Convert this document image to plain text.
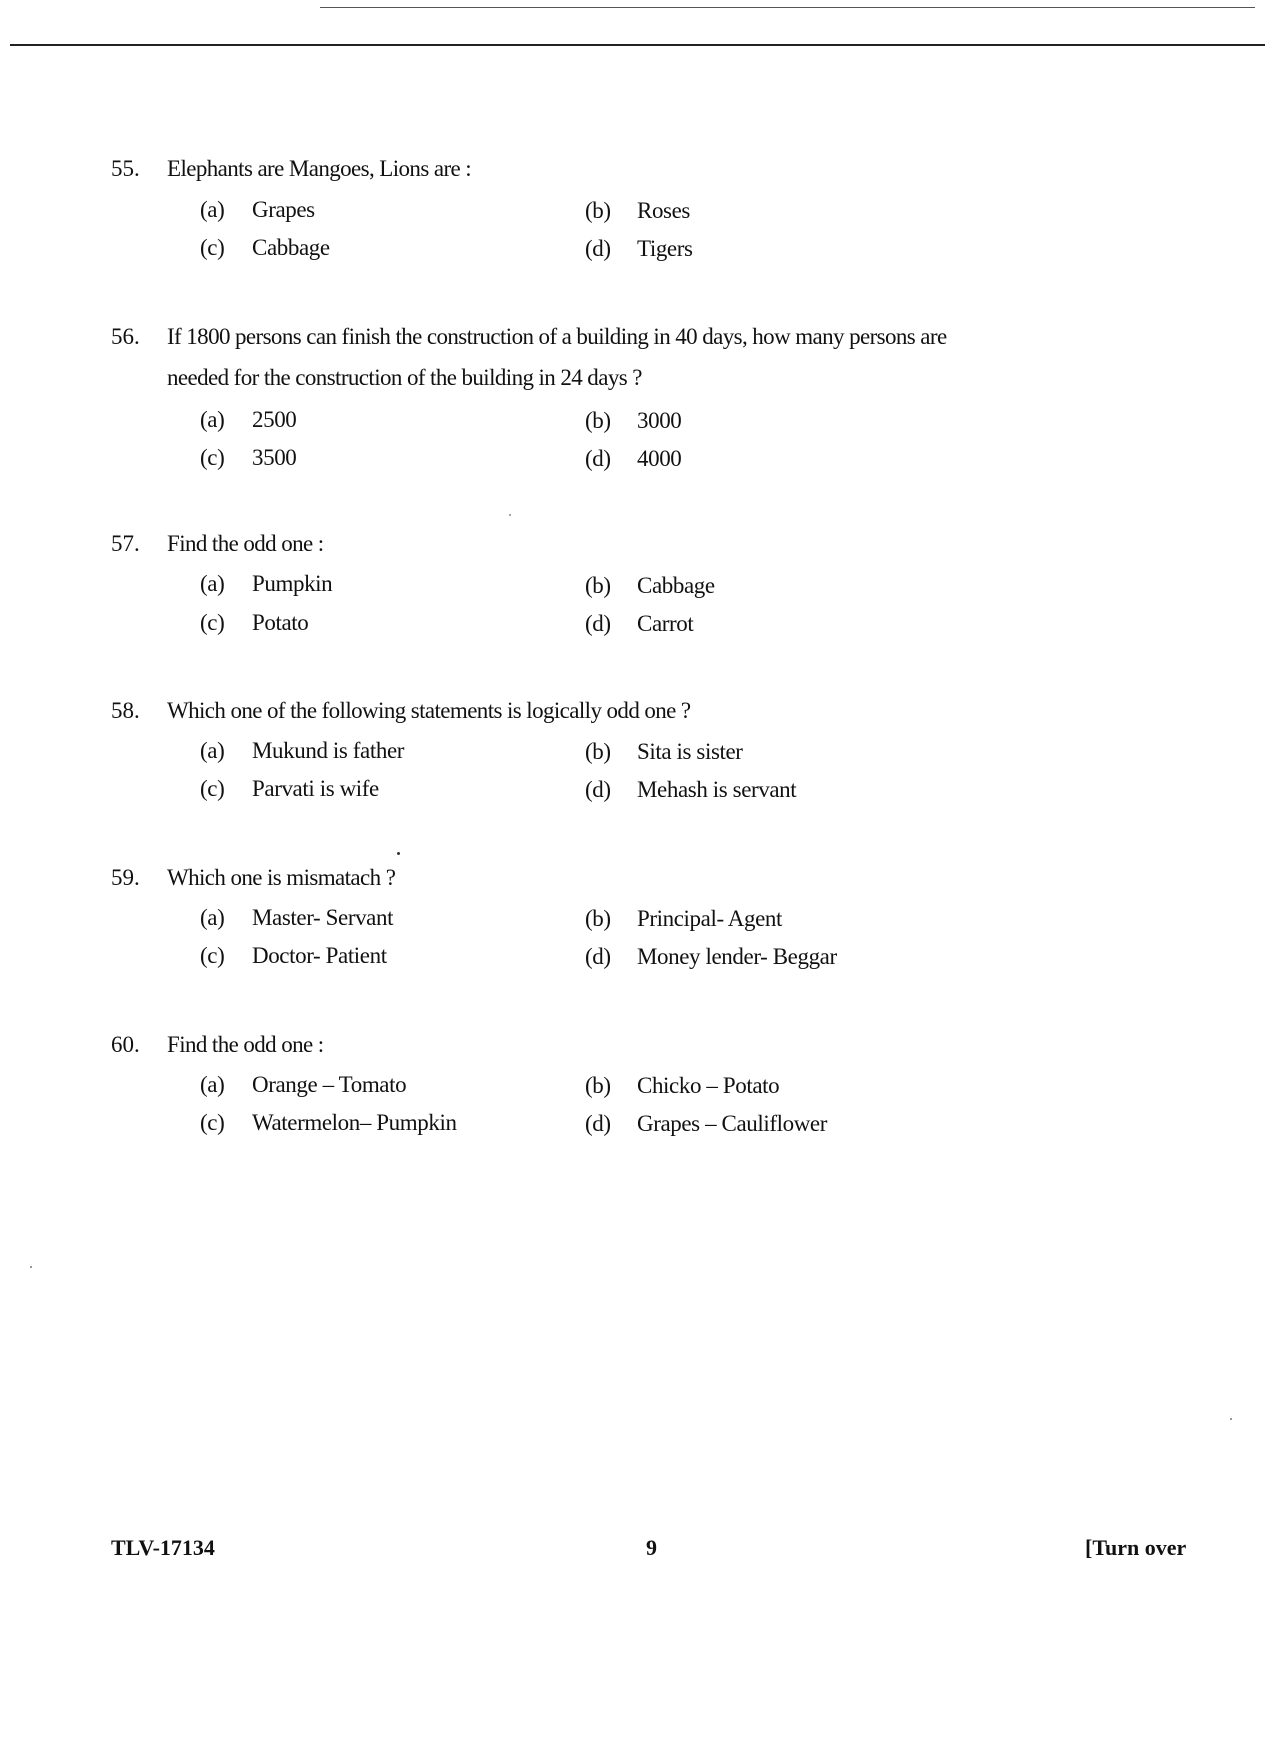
55.	Elephants are Mangoes, Lions are :
(a) Grapes	(b) Roses
(c) Cabbage	(d) Tigers
56.	If 1800 persons can finish the construction of a building in 40 days, how many persons are needed for the construction of the building in 24 days ?
(a) 2500	(b) 3000
(c) 3500	(d) 4000
57.	Find the odd one :
(a) Pumpkin	(b) Cabbage
(c) Potato	(d) Carrot
58.	Which one of the following statements is logically odd one ?
(a) Mukund is father	(b) Sita is sister
(c) Parvati is wife	(d) Mehash is servant
59.	Which one is mismatach ?
(a) Master- Servant	(b) Principal- Agent
(c) Doctor- Patient	(d) Money lender- Beggar
60.	Find the odd one :
(a) Orange – Tomato	(b) Chicko – Potato
(c) Watermelon– Pumpkin	(d) Grapes – Cauliflower
TLV-17134	9	[Turn over
